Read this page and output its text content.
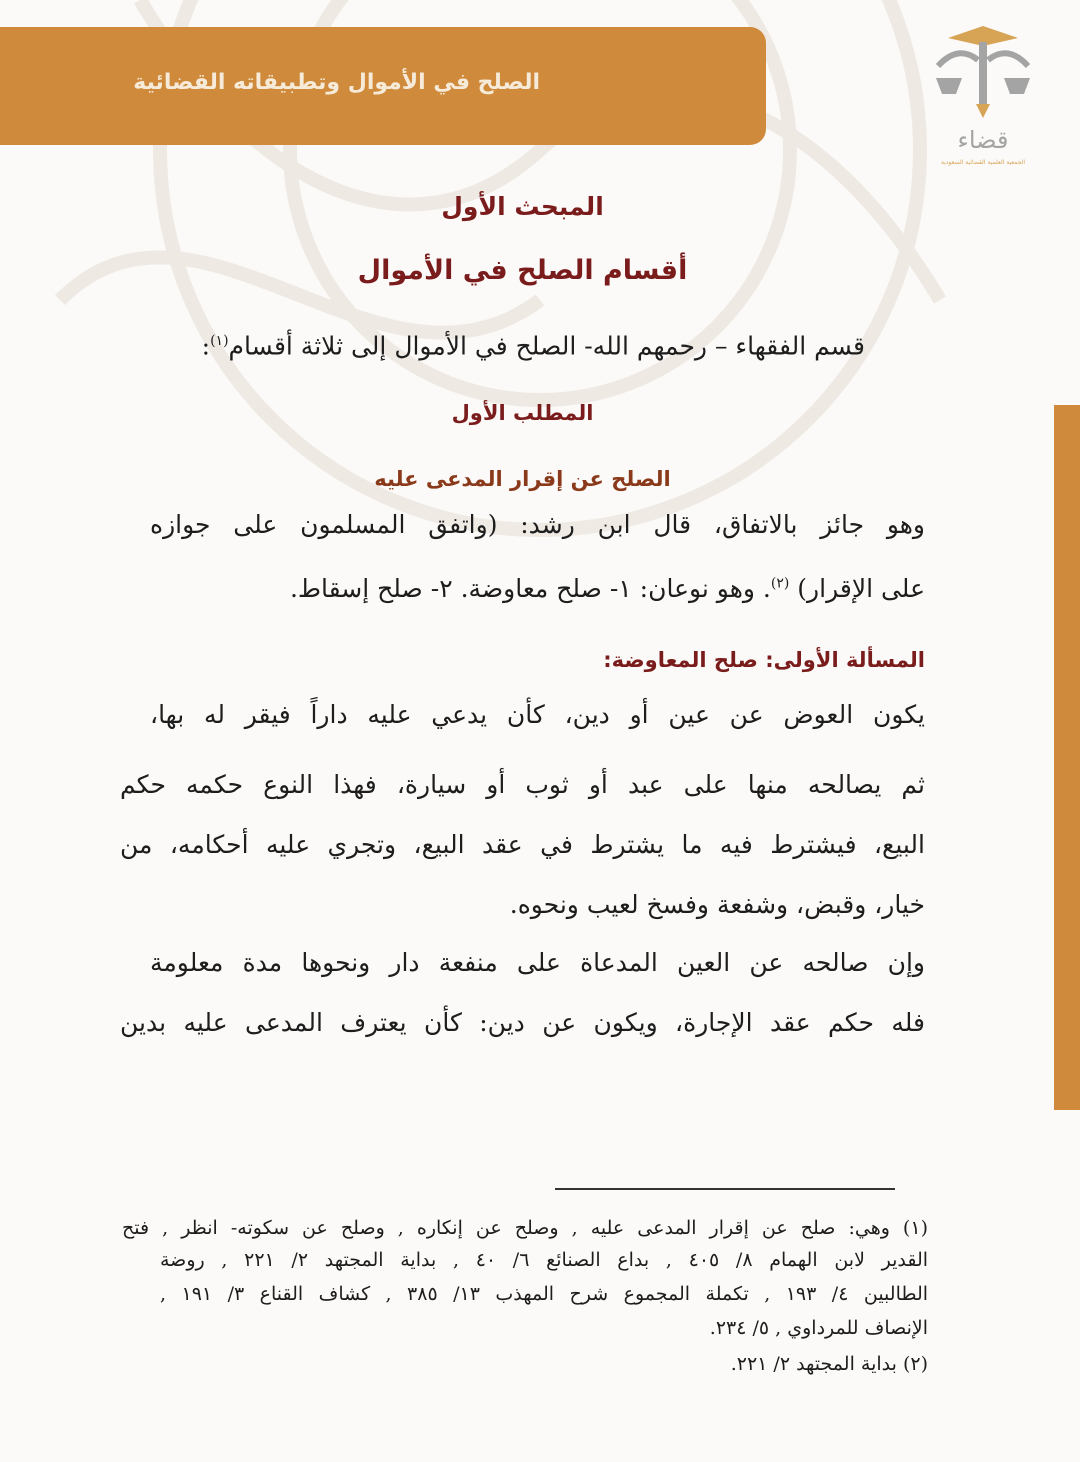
الصلح في الأموال وتطبيقاته القضائية
قضاء
الجمعية العلمية القضائية السعودية
المبحث الأول
أقسام الصلح في الأموال
قسم الفقهاء – رحمهم الله- الصلح في الأموال إلى ثلاثة أقسام$^{(١)}$:
المطلب الأول
الصلح عن إقرار المدعى عليه
وهو جائز بالاتفاق، قال ابن رشد: (واتفق المسلمون على جوازه
على الإقرار) $^{(٢)}$. وهو نوعان: ١- صلح معاوضة. ٢- صلح إسقاط.
المسألة الأولى: صلح المعاوضة:
يكون العوض عن عين أو دين، كأن يدعي عليه داراً فيقر له بها،
ثم يصالحه منها على عبد أو ثوب أو سيارة، فهذا النوع حكمه حكم
البيع، فيشترط فيه ما يشترط في عقد البيع، وتجري عليه أحكامه، من
خيار، وقبض، وشفعة وفسخ لعيب ونحوه.
وإن صالحه عن العين المدعاة على منفعة دار ونحوها مدة معلومة
فله حكم عقد الإجارة، ويكون عن دين: كأن يعترف المدعى عليه بدين
(١) وهي: صلح عن إقرار المدعى عليه , وصلح عن إنكاره , وصلح عن سكوته- انظر , فتح
القدير لابن الهمام ٨/ ٤٠٥ , بداع الصنائع ٦/ ٤٠ , بداية المجتهد ٢/ ٢٢١ , روضة
الطالبين ٤/ ١٩٣ , تكملة المجموع شرح المهذب ١٣/ ٣٨٥ , كشاف القناع ٣/ ١٩١ ,
الإنصاف للمرداوي , ٥/ ٢٣٤.
(٢) بداية المجتهد ٢/ ٢٢١.
